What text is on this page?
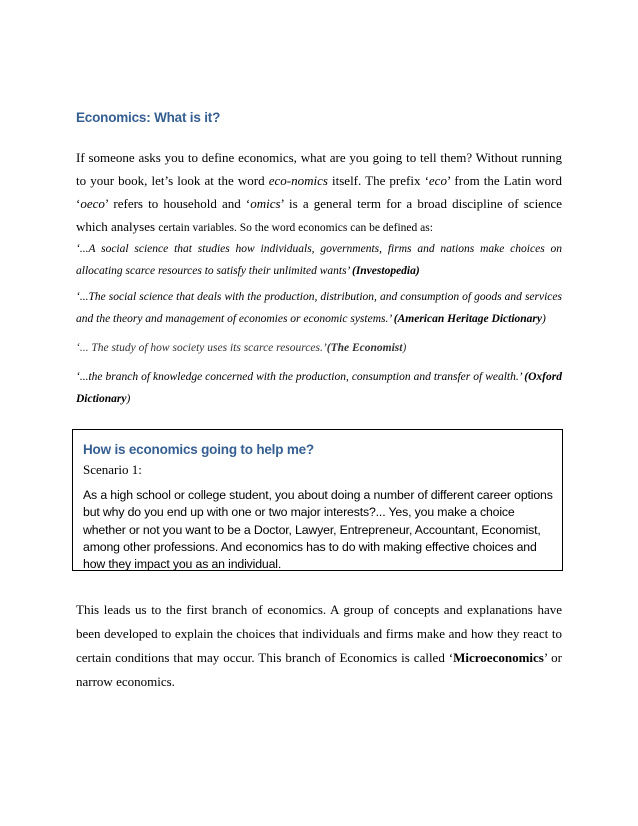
Economics: What is it?
If someone asks you to define economics, what are you going to tell them? Without running to your book, let’s look at the word eco-nomics itself. The prefix ‘eco’ from the Latin word ‘oeco’ refers to household and ‘omics’ is a general term for a broad discipline of science which analyses certain variables. So the word economics can be defined as:
‘...A social science that studies how individuals, governments, firms and nations make choices on allocating scarce resources to satisfy their unlimited wants’ (Investopedia)
‘...The social science that deals with the production, distribution, and consumption of goods and services and the theory and management of economies or economic systems.’ (American Heritage Dictionary)
‘... The study of how society uses its scarce resources.’(The Economist)
‘...the branch of knowledge concerned with the production, consumption and transfer of wealth.’ (Oxford Dictionary)
How is economics going to help me?
Scenario 1:
As a high school or college student, you about doing a number of different career options but why do you end up with one or two major interests?... Yes, you make a choice whether or not you want to be a Doctor, Lawyer, Entrepreneur, Accountant, Economist, among other professions. And economics has to do with making effective choices and how they impact you as an individual.
This leads us to the first branch of economics. A group of concepts and explanations have been developed to explain the choices that individuals and firms make and how they react to certain conditions that may occur. This branch of Economics is called ‘Microeconomics’ or narrow economics.
